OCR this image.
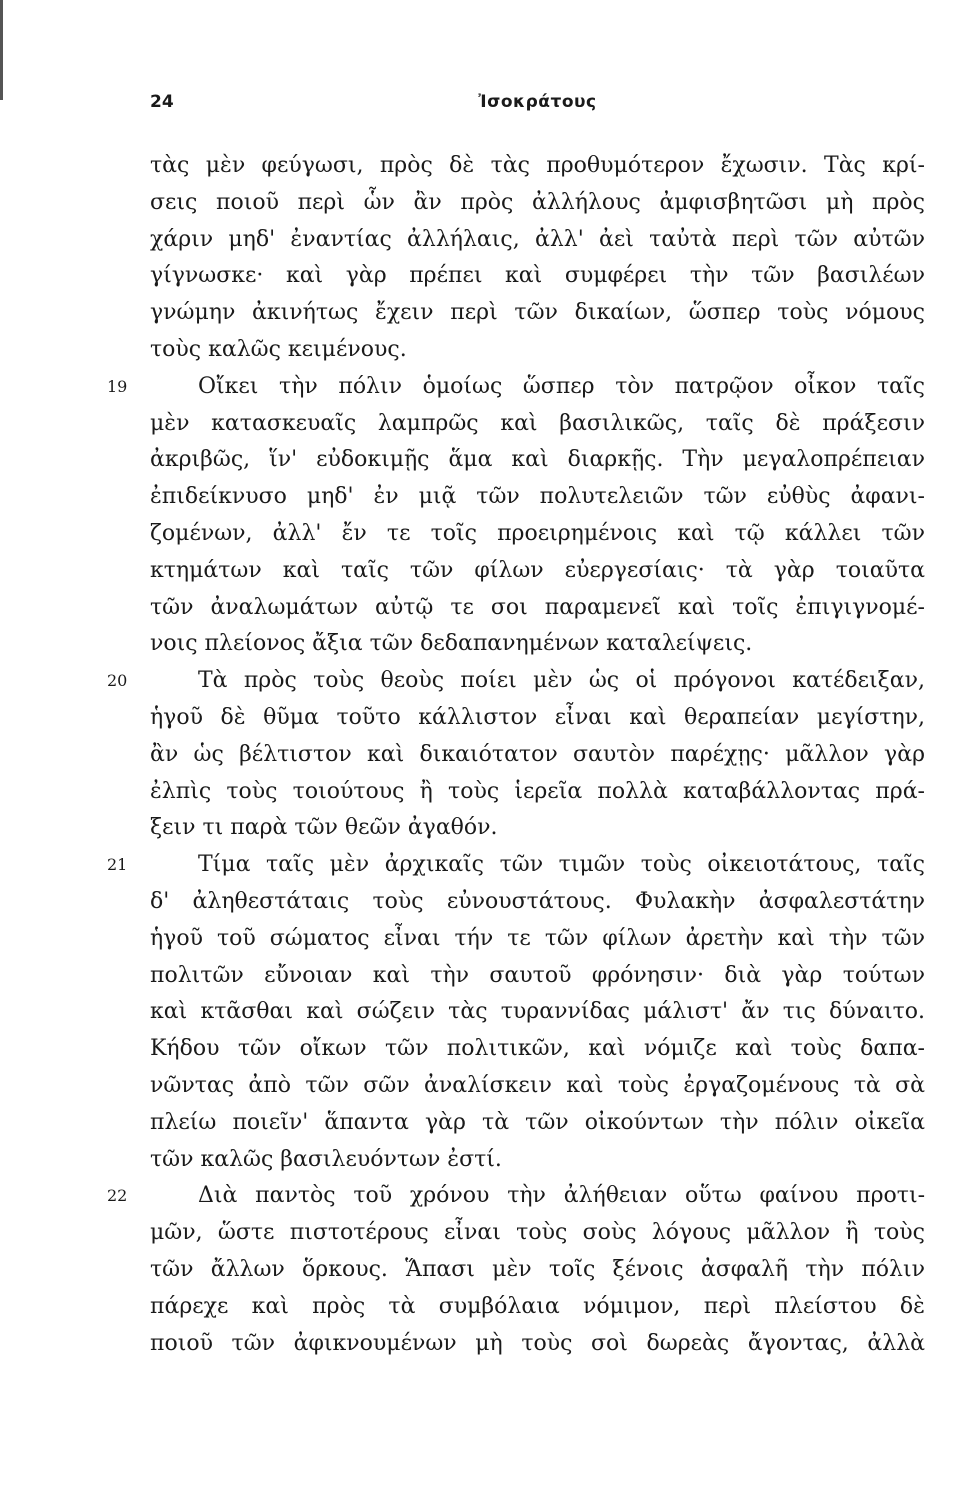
24	Ἰσοκράτους
τὰς μὲν φεύγωσι, πρὸς δὲ τὰς προθυμότερον ἔχωσιν. Τὰς κρί-
σεις ποιοῦ περὶ ὧν ἂν πρὸς ἀλλήλους ἀμφισβητῶσι μὴ πρὸς
χάριν μηδ' ἐναντίας ἀλλήλαις, ἀλλ' ἀεὶ ταὐτὰ περὶ τῶν αὐτῶν
γίγνωσκε· καὶ γὰρ πρέπει καὶ συμφέρει τὴν τῶν βασιλέων
γνώμην ἀκινήτως ἔχειν περὶ τῶν δικαίων, ὥσπερ τοὺς νόμους
τοὺς καλῶς κειμένους.
19	Οἴκει τὴν πόλιν ὁμοίως ὥσπερ τὸν πατρῷον οἶκον ταῖς
μὲν κατασκευαῖς λαμπρῶς καὶ βασιλικῶς, ταῖς δὲ πράξεσιν
ἀκριβῶς, ἵν' εὐδοκιμῇς ἅμα καὶ διαρκῇς. Τὴν μεγαλοπρέπειαν
ἐπιδείκνυσο μηδ' ἐν μιᾷ τῶν πολυτελειῶν τῶν εὐθὺς ἀφανι-
ζομένων, ἀλλ' ἔν τε τοῖς προειρημένοις καὶ τῷ κάλλει τῶν
κτημάτων καὶ ταῖς τῶν φίλων εὐεργεσίαις· τὰ γὰρ τοιαῦτα
τῶν ἀναλωμάτων αὐτῷ τε σοι παραμενεῖ καὶ τοῖς ἐπιγιγνομέ-
νοις πλείονος ἄξια τῶν δεδαπανημένων καταλείψεις.
20	Τὰ πρὸς τοὺς θεοὺς ποίει μὲν ὡς οἱ πρόγονοι κατέδειξαν,
ἡγοῦ δὲ θῦμα τοῦτο κάλλιστον εἶναι καὶ θεραπείαν μεγίστην,
ἂν ὡς βέλτιστον καὶ δικαιότατον σαυτὸν παρέχῃς· μᾶλλον γὰρ
ἐλπὶς τοὺς τοιούτους ἢ τοὺς ἱερεῖα πολλὰ καταβάλλοντας πρά-
ξειν τι παρὰ τῶν θεῶν ἀγαθόν.
21	Τίμα ταῖς μὲν ἀρχικαῖς τῶν τιμῶν τοὺς οἰκειοτάτους, ταῖς
δ' ἀληθεστάταις τοὺς εὐνουστάτους. Φυλακὴν ἀσφαλεστάτην
ἡγοῦ τοῦ σώματος εἶναι τήν τε τῶν φίλων ἀρετὴν καὶ τὴν τῶν
πολιτῶν εὔνοιαν καὶ τὴν σαυτοῦ φρόνησιν· διὰ γὰρ τούτων
καὶ κτᾶσθαι καὶ σώζειν τὰς τυραννίδας μάλιστ' ἄν τις δύναιτο.
Κήδου τῶν οἴκων τῶν πολιτικῶν, καὶ νόμιζε καὶ τοὺς δαπα-
νῶντας ἀπὸ τῶν σῶν ἀναλίσκειν καὶ τοὺς ἐργαζομένους τὰ σὰ
πλείω ποιεῖν' ἅπαντα γὰρ τὰ τῶν οἰκούντων τὴν πόλιν οἰκεῖα
τῶν καλῶς βασιλευόντων ἐστί.
22	Διὰ παντὸς τοῦ χρόνου τὴν ἀλήθειαν οὕτω φαίνου προτι-
μῶν, ὥστε πιστοτέρους εἶναι τοὺς σοὺς λόγους μᾶλλον ἢ τοὺς
τῶν ἄλλων ὅρκους. Ἅπασι μὲν τοῖς ξένοις ἀσφαλῆ τὴν πόλιν
πάρεχε καὶ πρὸς τὰ συμβόλαια νόμιμον, περὶ πλείστου δὲ
ποιοῦ τῶν ἀφικνουμένων μὴ τοὺς σοὶ δωρεὰς ἄγοντας, ἀλλὰ
